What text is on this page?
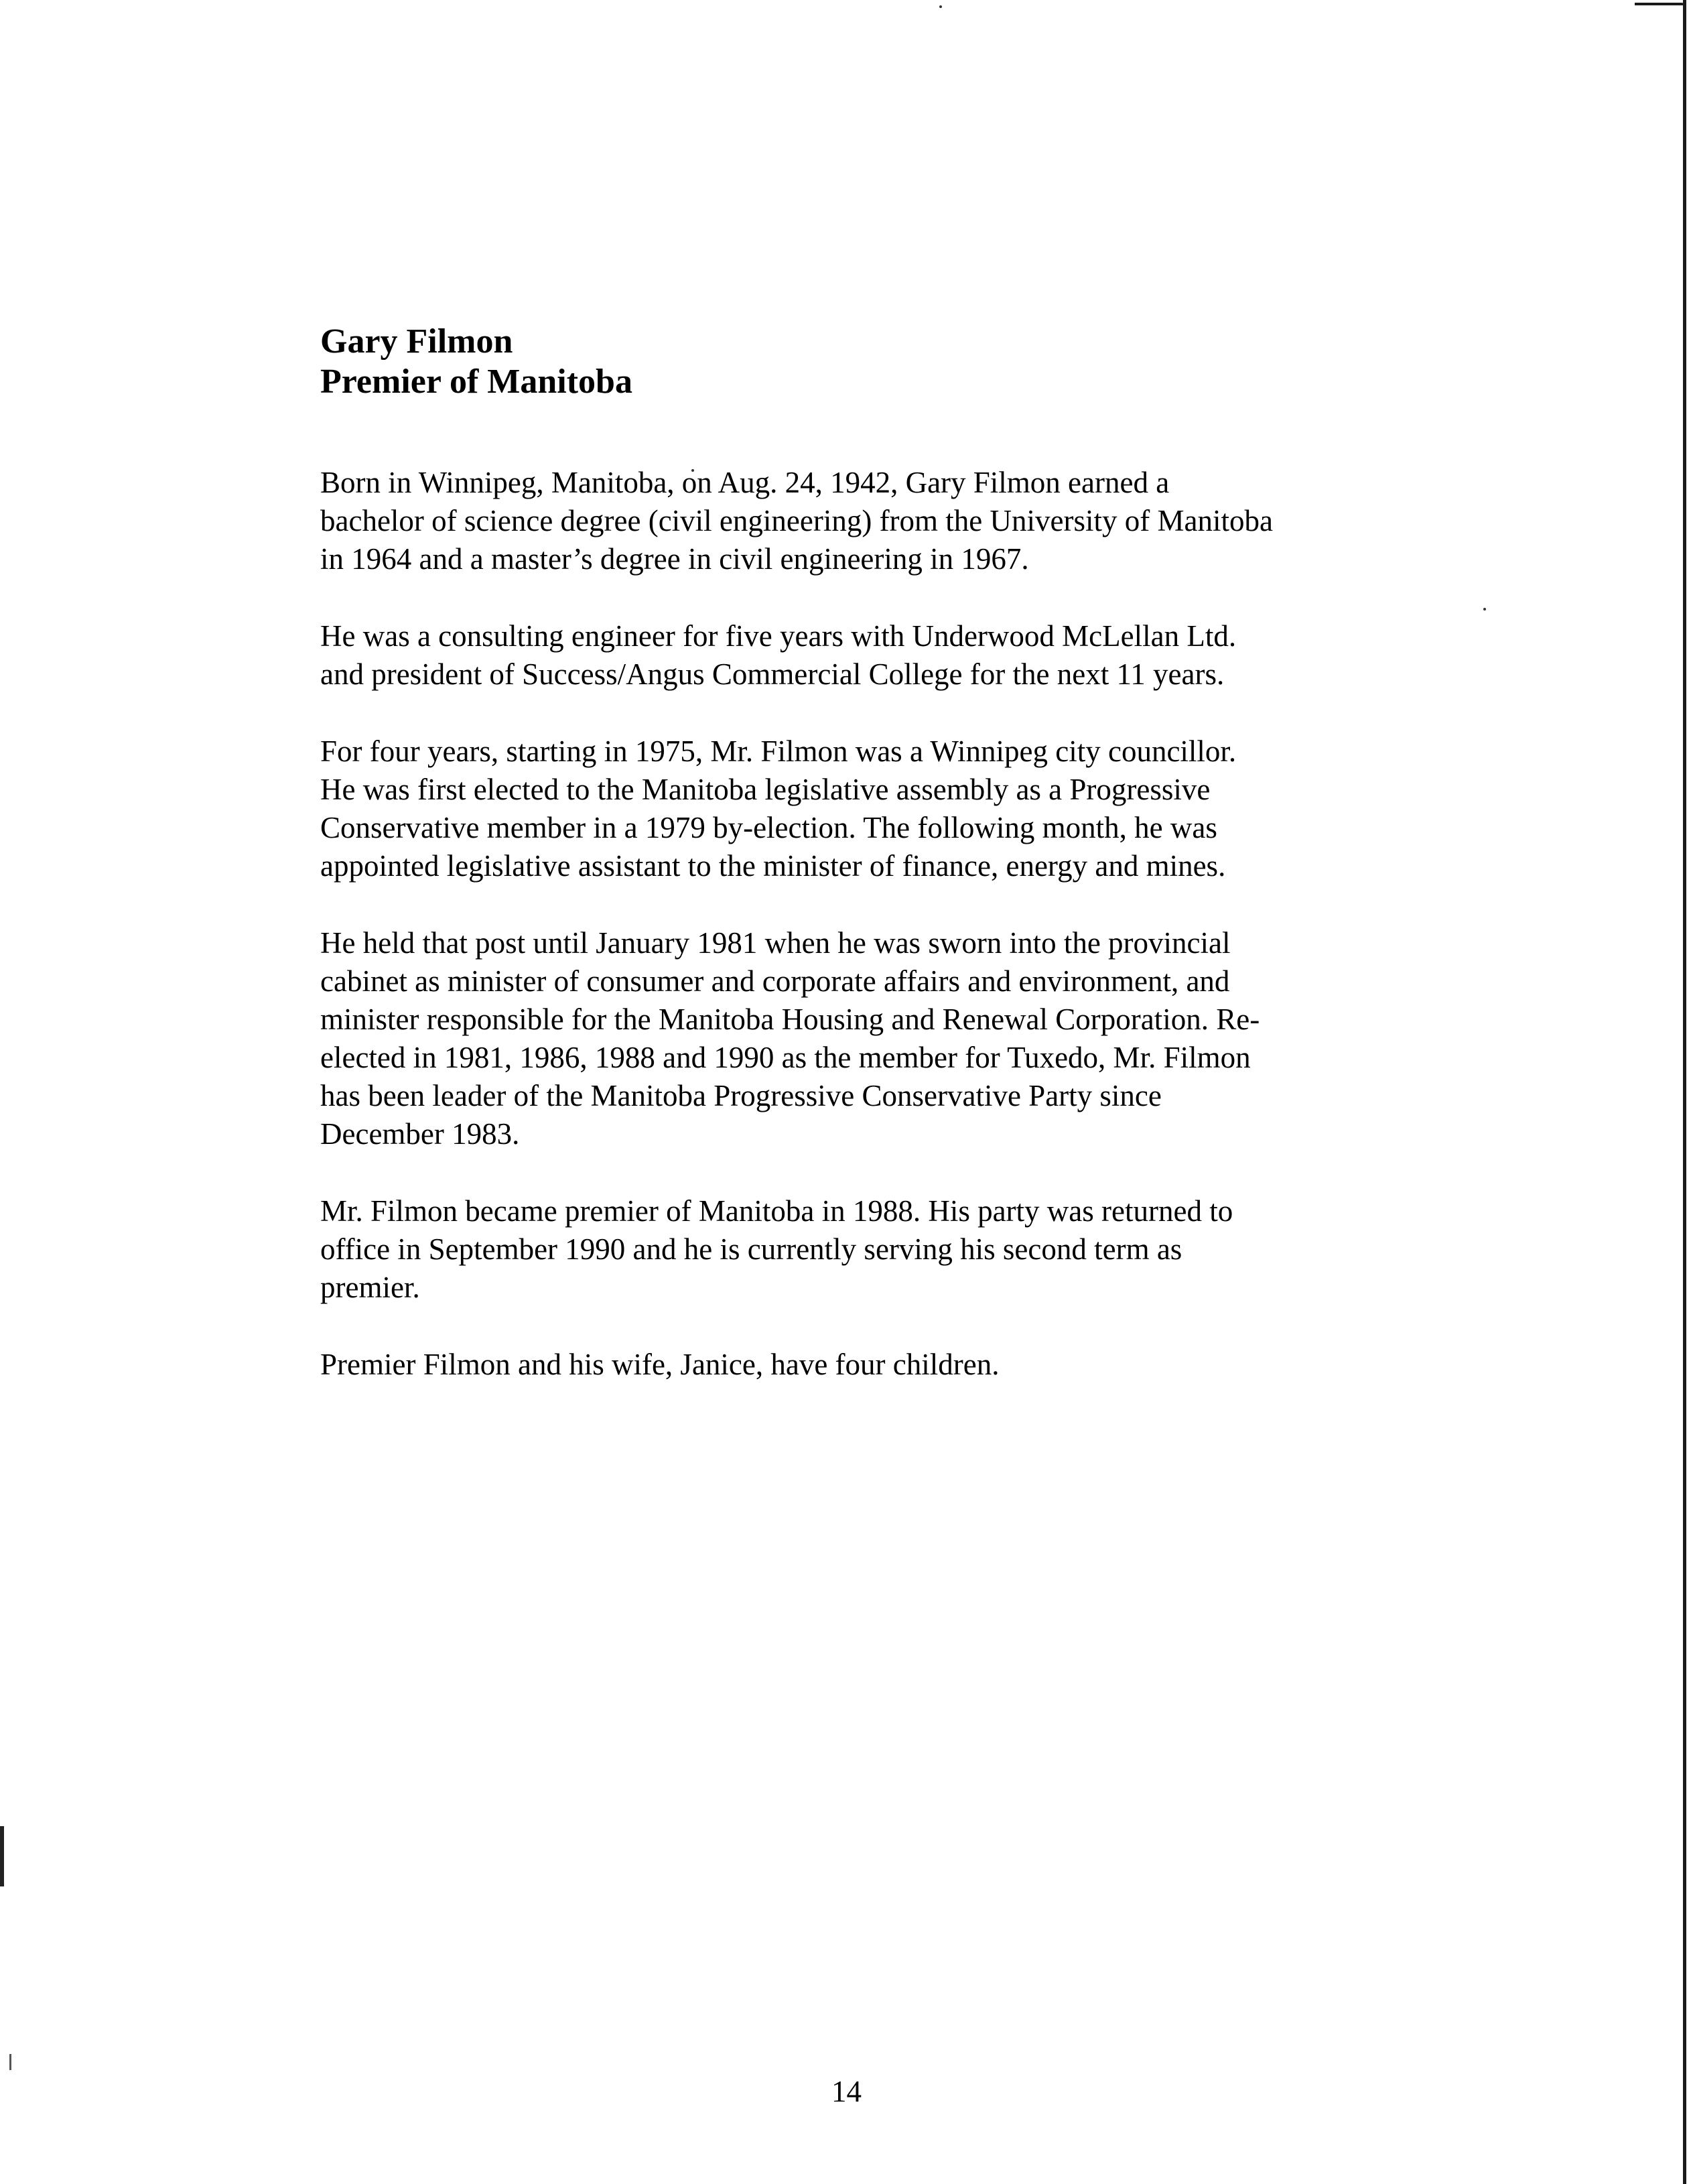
Gary Filmon
Premier of Manitoba

Born in Winnipeg, Manitoba, on Aug. 24, 1942, Gary Filmon earned a
bachelor of science degree (civil engineering) from the University of Manitoba
in 1964 and a master’s degree in civil engineering in 1967.

He was a consulting engineer for five years with Underwood McLellan Ltd.
and president of Success/Angus Commercial College for the next 11 years.

For four years, starting in 1975, Mr. Filmon was a Winnipeg city councillor.
He was first elected to the Manitoba legislative assembly as a Progressive
Conservative member in a 1979 by-election. The following month, he was
appointed legislative assistant to the minister of finance, energy and mines.

He held that post until January 1981 when he was sworn into the provincial
cabinet as minister of consumer and corporate affairs and environment, and
minister responsible for the Manitoba Housing and Renewal Corporation. Re-
elected in 1981, 1986, 1988 and 1990 as the member for Tuxedo, Mr. Filmon
has been leader of the Manitoba Progressive Conservative Party since
December 1983.

Mr. Filmon became premier of Manitoba in 1988. His party was returned to
office in September 1990 and he is currently serving his second term as
premier.

Premier Filmon and his wife, Janice, have four children.

14
